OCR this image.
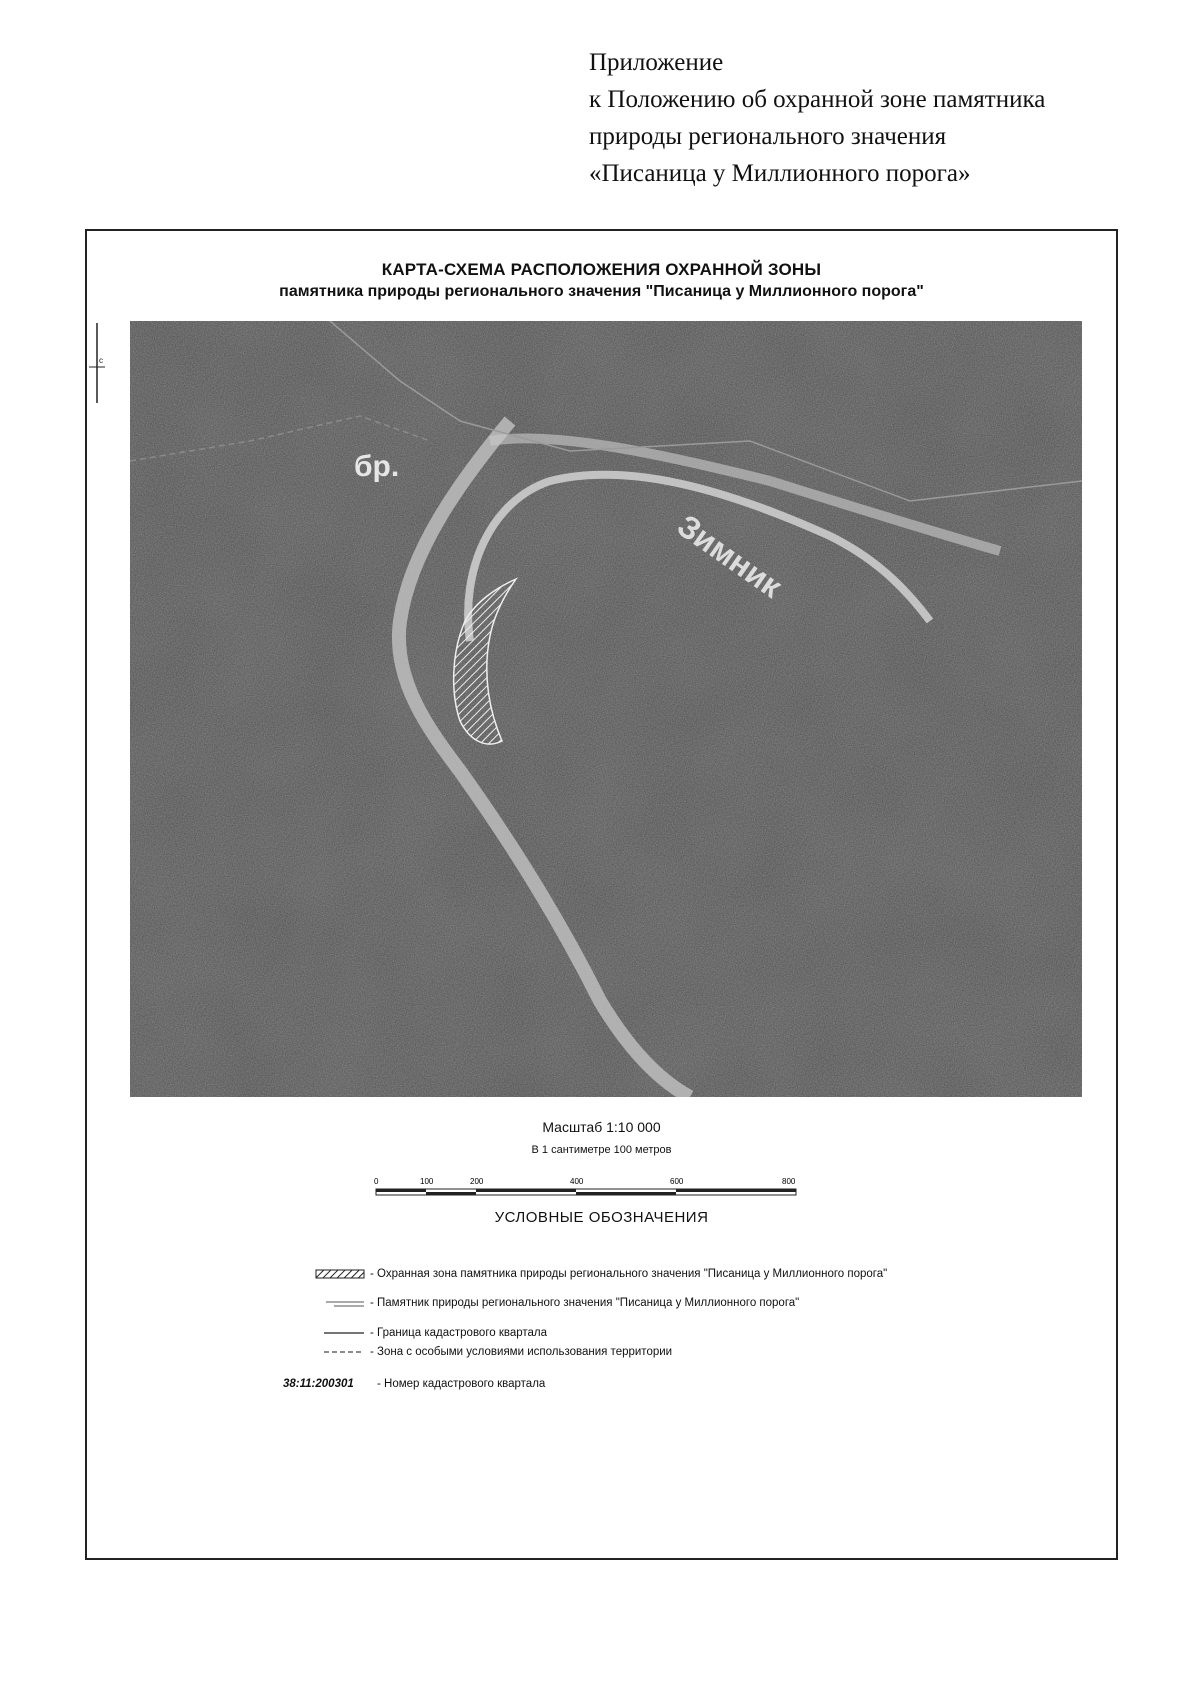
Приложение
к Положению об охранной зоне памятника
природы регионального значения
«Писаница у Миллионного порога»
КАРТА-СХЕМА РАСПОЛОЖЕНИЯ ОХРАННОЙ ЗОНЫ
памятника природы регионального значения "Писаница у Миллионного порога"
c
бр.
Зимник
Масштаб 1:10 000
В 1 сантиметре 100 метров
0	100	200	400	600	800
УСЛОВНЫЕ ОБОЗНАЧЕНИЯ
- Охранная зона памятника природы регионального значения "Писаница у Миллионного порога"
- Памятник природы регионального значения "Писаница у Миллионного порога"
- Граница кадастрового квартала
- Зона с особыми условиями использования территории
38:11:200301 - Номер кадастрового квартала
